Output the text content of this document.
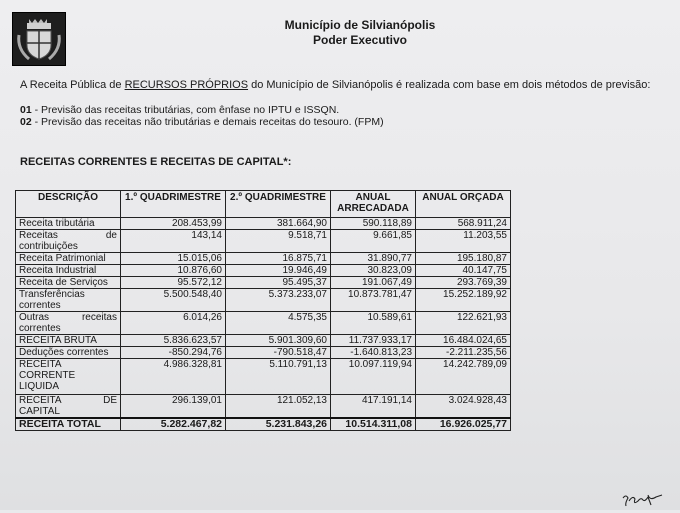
Município de Silvianópolis
Poder Executivo
A Receita Pública de RECURSOS PRÓPRIOS do Município de Silvianópolis é realizada com base em dois métodos de previsão:
01 - Previsão das receitas tributárias, com ênfase no IPTU e ISSQN.
02 - Previsão das receitas não tributárias e demais receitas do tesouro. (FPM)
RECEITAS CORRENTES E RECEITAS DE CAPITAL*:
DESCRIÇÃO	1.º QUADRIMESTRE	2.º QUADRIMESTRE	ANUAL ARRECADADA	ANUAL ORÇADA
Receita tributária	208.453,99	381.664,90	590.118,89	568.911,24
Receitas de contribuições	143,14	9.518,71	9.661,85	11.203,55
Receita Patrimonial	15.015,06	16.875,71	31.890,77	195.180,87
Receita Industrial	10.876,60	19.946,49	30.823,09	40.147,75
Receita de Serviços	95.572,12	95.495,37	191.067,49	293.769,39
Transferências correntes	5.500.548,40	5.373.233,07	10.873.781,47	15.252.189,92
Outras receitas correntes	6.014,26	4.575,35	10.589,61	122.621,93
RECEITA BRUTA	5.836.623,57	5.901.309,60	11.737.933,17	16.484.024,65
Deduções correntes	-850.294,76	-790.518,47	-1.640.813,23	-2.211.235,56
RECEITA CORRENTE LIQUIDA	4.986.328,81	5.110.791,13	10.097.119,94	14.242.789,09
RECEITA DE CAPITAL	296.139,01	121.052,13	417.191,14	3.024.928,43
RECEITA TOTAL	5.282.467,82	5.231.843,26	10.514.311,08	16.926.025,77
